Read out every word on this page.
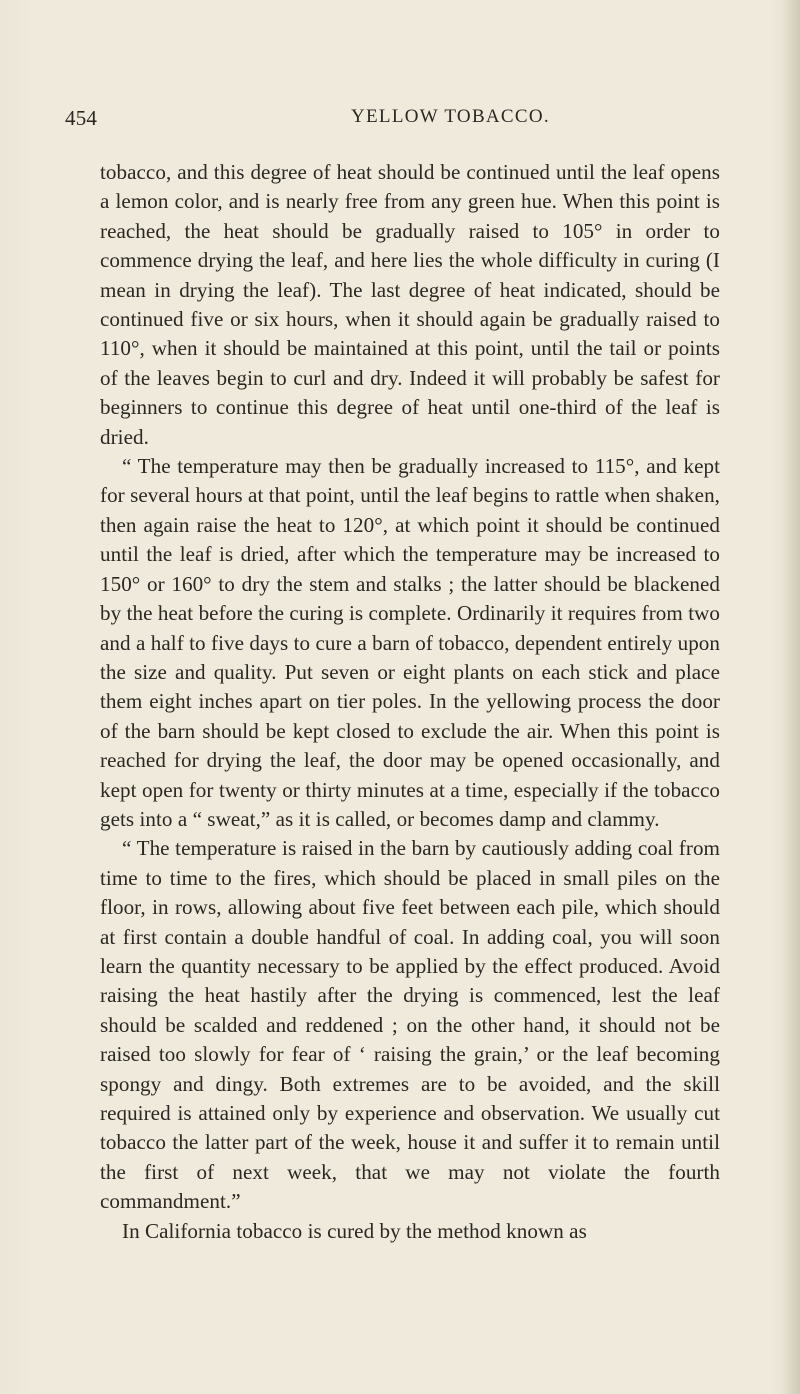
454	YELLOW TOBACCO.

tobacco, and this degree of heat should be continued until the leaf opens a lemon color, and is nearly free from any green hue. When this point is reached, the heat should be gradually raised to 105° in order to commence drying the leaf, and here lies the whole difficulty in curing (I mean in drying the leaf). The last degree of heat indicated, should be continued five or six hours, when it should again be gradually raised to 110°, when it should be maintained at this point, until the tail or points of the leaves begin to curl and dry. Indeed it will probably be safest for beginners to continue this degree of heat until one-third of the leaf is dried.

“ The temperature may then be gradually increased to 115°, and kept for several hours at that point, until the leaf begins to rattle when shaken, then again raise the heat to 120°, at which point it should be continued until the leaf is dried, after which the temperature may be increased to 150° or 160° to dry the stem and stalks ; the latter should be blackened by the heat before the curing is complete. Ordinarily it requires from two and a half to five days to cure a barn of tobacco, dependent entirely upon the size and quality. Put seven or eight plants on each stick and place them eight inches apart on tier poles. In the yellowing process the door of the barn should be kept closed to exclude the air. When this point is reached for drying the leaf, the door may be opened occasionally, and kept open for twenty or thirty minutes at a time, especially if the tobacco gets into a “ sweat,” as it is called, or becomes damp and clammy.

“ The temperature is raised in the barn by cautiously adding coal from time to time to the fires, which should be placed in small piles on the floor, in rows, allowing about five feet between each pile, which should at first contain a double handful of coal. In adding coal, you will soon learn the quantity necessary to be applied by the effect produced. Avoid raising the heat hastily after the drying is commenced, lest the leaf should be scalded and reddened ; on the other hand, it should not be raised too slowly for fear of ‘ raising the grain,’ or the leaf becoming spongy and dingy. Both extremes are to be avoided, and the skill required is attained only by experience and observation. We usually cut tobacco the latter part of the week, house it and suffer it to remain until the first of next week, that we may not violate the fourth commandment.”

In California tobacco is cured by the method known as
